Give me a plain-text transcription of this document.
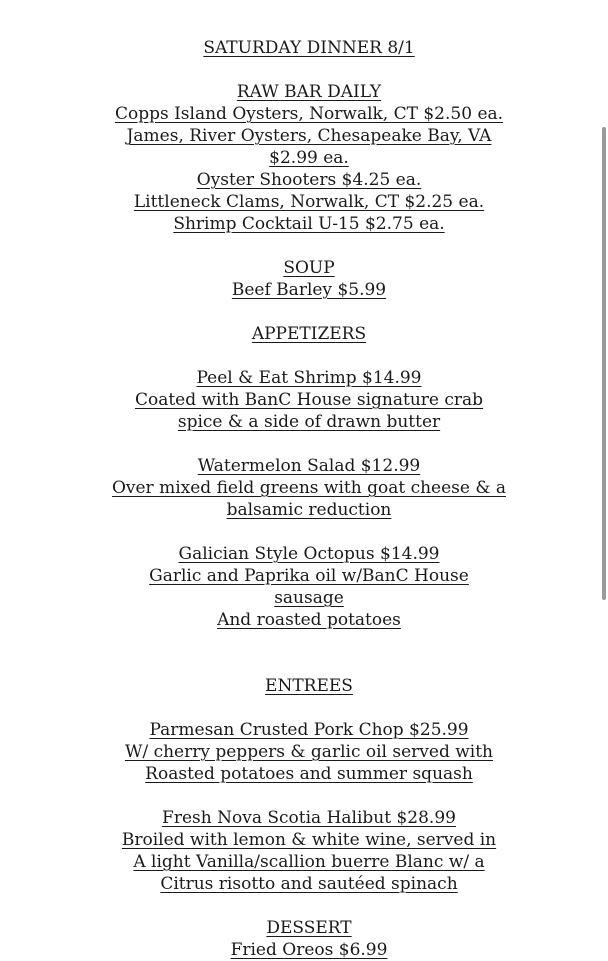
SATURDAY DINNER 8/1
RAW BAR DAILY
Copps Island Oysters, Norwalk, CT $2.50 ea.
James, River Oysters, Chesapeake Bay, VA
$2.99 ea.
Oyster Shooters $4.25 ea.
Littleneck Clams, Norwalk, CT $2.25 ea.
Shrimp Cocktail U-15 $2.75 ea.
SOUP
Beef Barley $5.99
APPETIZERS
Peel & Eat Shrimp $14.99
Coated with BanC House signature crab
spice & a side of drawn butter
Watermelon Salad $12.99
Over mixed field greens with goat cheese & a
balsamic reduction
Galician Style Octopus $14.99
Garlic and Paprika oil w/BanC House
sausage
And roasted potatoes
ENTREES
Parmesan Crusted Pork Chop $25.99
W/ cherry peppers & garlic oil served with
Roasted potatoes and summer squash
Fresh Nova Scotia Halibut $28.99
Broiled with lemon & white wine, served in
A light Vanilla/scallion buerre Blanc w/ a
Citrus risotto and sautéed spinach
DESSERT
Fried Oreos $6.99
